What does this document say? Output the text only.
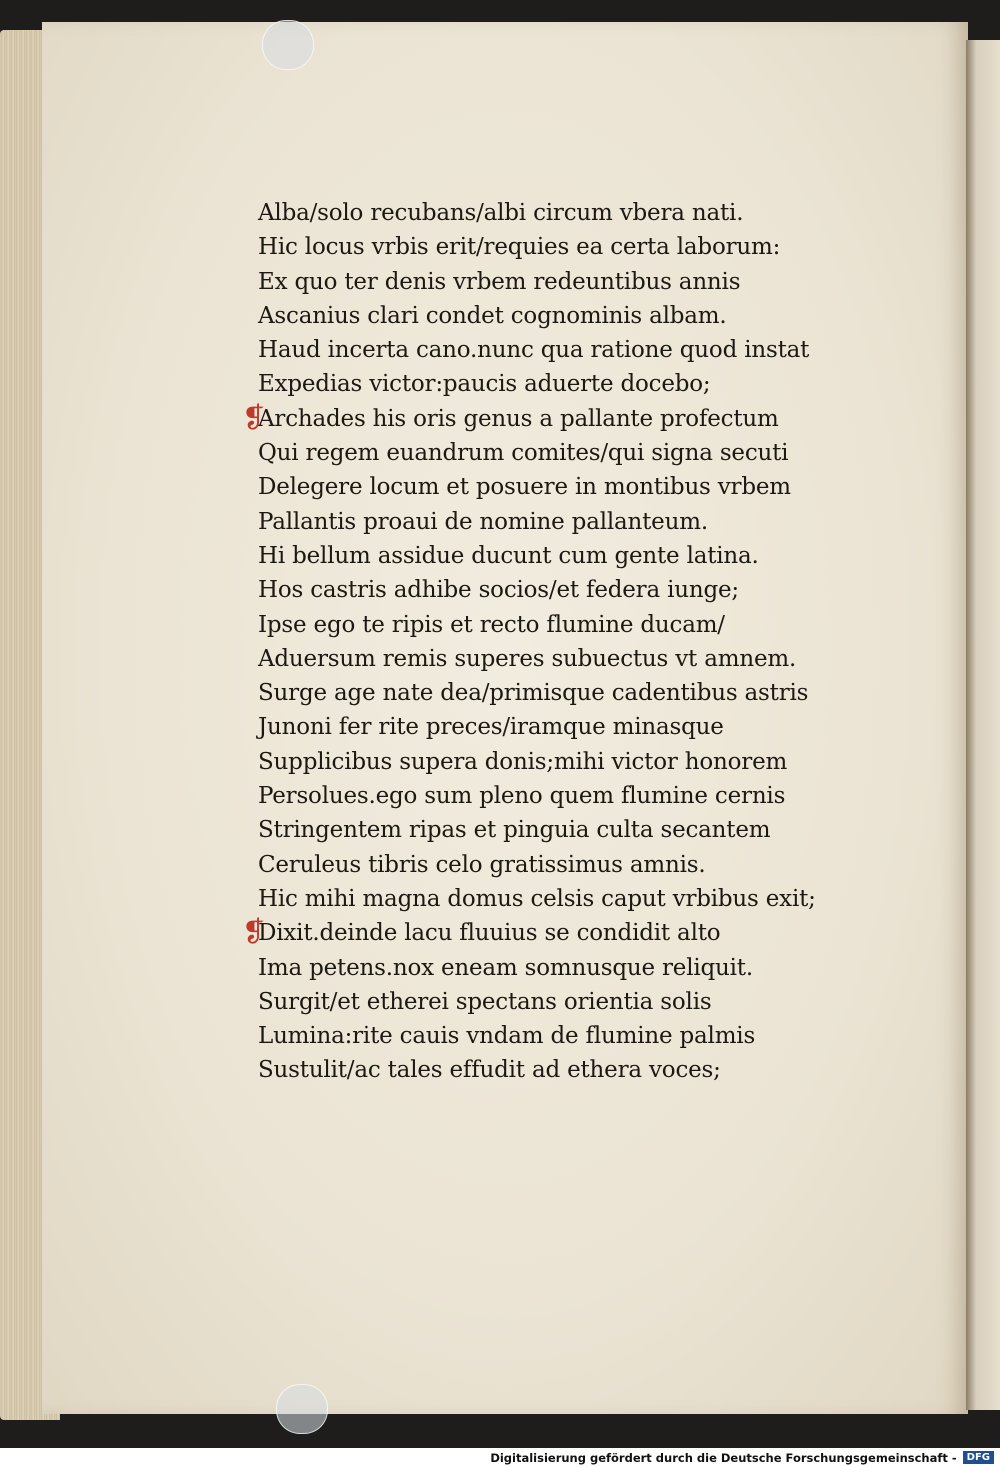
Alba/solo recubans/albi circum vbera nati.
Hic locus vrbis erit/requies ea certa laborum:
Ex quo ter denis vrbem redeuntibus annis
Ascanius clari condet cognominis albam.
Haud incerta cano.nunc qua ratione quod instat
Expedias victor:paucis aduerte docebo;
❡
Archades his oris genus a pallante profectum
Qui regem euandrum comites/qui signa secuti
Delegere locum et posuere in montibus vrbem
Pallantis proaui de nomine pallanteum.
Hi bellum assidue ducunt cum gente latina.
Hos castris adhibe socios/et federa iunge;
Ipse ego te ripis et recto flumine ducam/
Aduersum remis superes subuectus vt amnem.
Surge age nate dea/primisque cadentibus astris
Junoni fer rite preces/iramque minasque
Supplicibus supera donis;mihi victor honorem
Persolues.ego sum pleno quem flumine cernis
Stringentem ripas et pinguia culta secantem
Ceruleus tibris celo gratissimus amnis.
Hic mihi magna domus celsis caput vrbibus exit;
❡
Dixit.deinde lacu fluuius se condidit alto
Ima petens.nox eneam somnusque reliquit.
Surgit/et etherei spectans orientia solis
Lumina:rite cauis vndam de flumine palmis
Sustulit/ac tales effudit ad ethera voces;
Digitalisierung gefördert durch die Deutsche Forschungsgemeinschaft -	DFG
